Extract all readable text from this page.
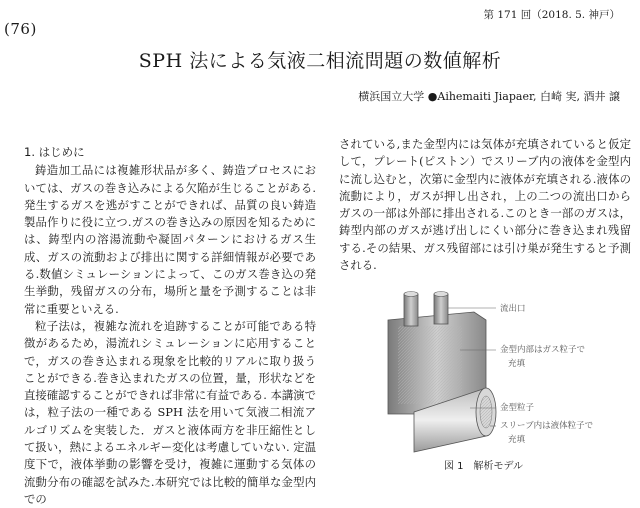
(76)
第 171 回（2018. 5. 神戸）
SPH 法による気液二相流問題の数値解析
横浜国立大学 ●Aihemaiti Jiapaer, 白崎 実, 酒井 譲
1. はじめに

鋳造加工品には複雑形状品が多く、鋳造プロセスにおいては、ガスの巻き込みによる欠陥が生じることがある. 発生するガスを逃がすことができれば、品質の良い鋳造製品作りに役に立つ.ガスの巻き込みの原因を知るためには、鋳型内の溶湯流動や凝固パターンにおけるガス生成、ガスの流動および排出に関する詳細情報が必要である.数値シミュレーションによって、このガス巻き込の発生挙動，残留ガスの分布，場所と量を予測することは非常に重要といえる.

粒子法は，複雑な流れを追跡することが可能である特徴があるため，湯流れシミュレーションに応用することで，ガスの巻き込まれる現象を比較的リアルに取り扱うことができる.巻き込まれたガスの位置，量，形状などを直接確認することができれば非常に有益である. 本講演では，粒子法の一種である SPH 法を用いて気液二相流アルゴリズムを実装した．ガスと液体両方を非圧縮性として扱い，熱によるエネルギー変化は考慮していない. 定温度下で，液体挙動の影響を受け，複雑に運動する気体の流動分布の確認を試みた.本研究では比較的簡単な金型内での

されている,また金型内には気体が充填されていると仮定して，プレート(ピストン）でスリーブ内の液体を金型内に流し込むと，次第に金型内に液体が充填される.液体の流動により，ガスが押し出され，上の二つの流出口からガスの一部は外部に排出される.このとき一部のガスは，鋳型内部のガスが逃げ出しにくい部分に巻き込まれ残留する.その結果、ガス残留部には引け巣が発生すると予測される.

流出口
金型内部はガス粒子で
充填
金型粒子
スリーブ内は液体粒子で
充填
図 1　解析モデル
